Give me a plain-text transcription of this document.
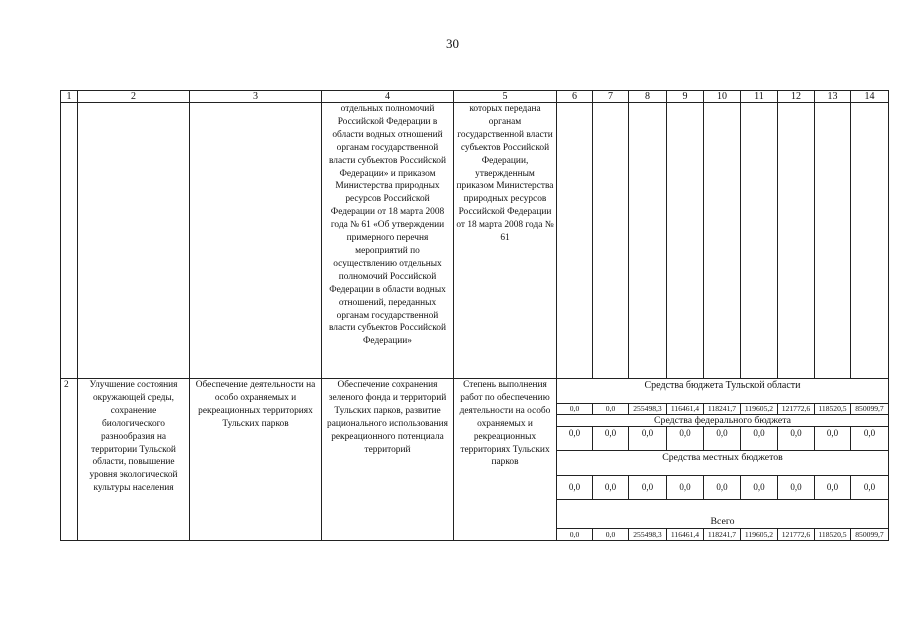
30
1	2	3	4	5	6	7	8	9	10	11	12	13	14
			отдельных полномочий Российской Федерации в области водных отношений органам государственной власти субъектов Российской Федерации» и приказом Министерства природных ресурсов Российской Федерации от 18 марта 2008 года № 61 «Об утверждении примерного перечня мероприятий по осуществлению отдельных полномочий Российской Федерации в области водных отношений, переданных органам государственной власти субъектов Российской Федерации»	которых передана органам государственной власти субъектов Российской Федерации, утвержденным приказом Министерства природных ресурсов Российской Федерации от 18 марта 2008 года № 61									
2	Улучшение состояния окружающей среды, сохранение биологического разнообразия на территории Тульской области, повышение уровня экологической культуры населения	Обеспечение деятельности на особо охраняемых и рекреационных территориях Тульских парков	Обеспечение сохранения зеленого фонда и территорий Тульских парков, развитие рационального использования рекреационного потенциала территорий	Степень выполнения работ по обеспечению деятельности на особо охраняемых и рекреационных территориях Тульских парков	Средства бюджета Тульской области								
					0,0	0,0	255498,3	116461,4	118241,7	119605,2	121772,6	118520,5	850099,7
					Средства федерального бюджета								
					0,0	0,0	0,0	0,0	0,0	0,0	0,0	0,0	0,0
					Средства местных бюджетов								
					0,0	0,0	0,0	0,0	0,0	0,0	0,0	0,0	0,0
					Всего								
					0,0	0,0	255498,3	116461,4	118241,7	119605,2	121772,6	118520,5	850099,7
